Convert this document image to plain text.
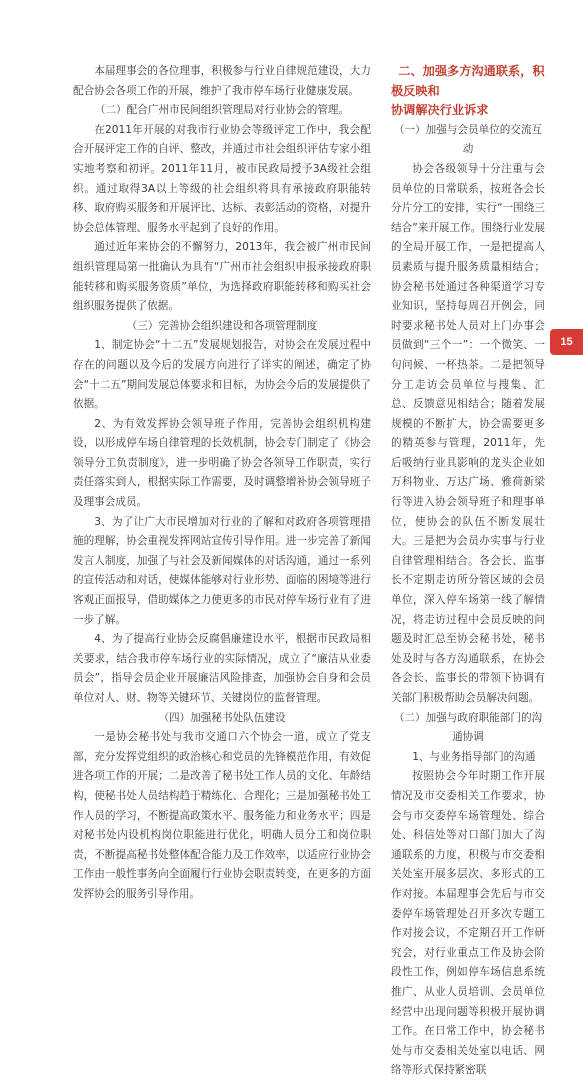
本届理事会的各位理事，积极参与行业自律规范建设，大力配合协会各项工作的开展，维护了我市停车场行业健康发展。

（二）配合广州市民间组织管理局对行业协会的管理。

在2011年开展的对我市行业协会等级评定工作中，我会配合开展评定工作的自评、整改，并通过市社会组织评估专家小组实地考察和初评。2011年11月，被市民政局授予3A级社会组织。通过取得3A以上等级的社会组织将具有承接政府职能转移、取府购买服务和开展评比、达标、表彰活动的资格，对提升协会总体管理、服务水平起到了良好的作用。

通过近年来协会的不懈努力，2013年，我会被广州市民间组织管理局第一批确认为具有“广州市社会组织申报承接政府职能转移和购买服务资质”单位，为选择政府职能转移和购买社会组织服务提供了依据。

（三）完善协会组织建设和各项管理制度

1、制定协会“十二五”发展规划报告，对协会在发展过程中存在的问题以及今后的发展方向进行了详实的阐述，确定了协会“十二五”期间发展总体要求和目标，为协会今后的发展提供了依据。

2、为有效发挥协会领导班子作用，完善协会组织机构建设，以形成停车场自律管理的长效机制，协会专门制定了《协会领导分工负责制度》，进一步明确了协会各领导工作职责，实行责任落实到人，根据实际工作需要，及时调整增补协会领导班子及理事会成员。

3、为了让广大市民增加对行业的了解和对政府各项管理措施的理解，协会重视发挥网站宣传引导作用。进一步完善了新闻发言人制度，加强了与社会及新闻媒体的对话沟通，通过一系列的宣传活动和对话，使媒体能够对行业形势、面临的困境等进行客观正面报导，借助媒体之力使更多的市民对停车场行业有了进一步了解。

4、为了提高行业协会反腐倡廉建设水平，根据市民政局相关要求，结合我市停车场行业的实际情况，成立了“廉洁从业委员会”，指导会员企业开展廉洁风险排查，加强协会自身和会员单位对人、财、物等关键环节、关键岗位的监督管理。

（四）加强秘书处队伍建设

一是协会秘书处与我市交通口六个协会一道，成立了党支部，充分发挥党组织的政治核心和党员的先锋模范作用，有效促进各项工作的开展；二是改善了秘书处工作人员的文化、年龄结构，使秘书处人员结构趋于精练化、合理化；三是加强秘书处工作人员的学习，不断提高政策水平、服务能力和业务水平；四是对秘书处内设机构岗位职能进行优化，明确人员分工和岗位职责，不断提高秘书处整体配合能力及工作效率，以适应行业协会工作由一般性事务向全面履行行业协会职责转变，在更多的方面发挥协会的服务引导作用。

二、加强多方沟通联系，积极反映和
协调解决行业诉求
（一）加强与会员单位的交流互动

协会各级领导十分注重与会员单位的日常联系，按班各会长分片分工的安排，实行“一围绕三结合”来开展工作。围绕行业发展的全局开展工作，一是把提高人员素质与提升服务质量相结合；协会秘书处通过各种渠道学习专业知识，坚持每周召开例会，同时要求秘书处人员对上门办事会员做到“三个一”：一个微笑、一句问候、一杯热茶。二是把领导分工走访会员单位与搜集、汇总、反馈意见相结合；随着发展规模的不断扩大，协会需要更多的精英参与管理，2011年，先后吸纳行业具影响的龙头企业如万科物业、万达广场、雅荷新梁行等进入协会领导班子和理事单位，使协会的队伍不断发展壮大。三是把为会员办实事与行业自律管理相结合。各会长、监事长不定期走访所分管区域的会员单位，深入停车场第一线了解情况，将走访过程中会员反映的问题及时汇总至协会秘书处，秘书处及时与各方沟通联系，在协会各会长、监事长的带领下协调有关部门积极帮助会员解决问题。

（二）加强与政府职能部门的沟通协调
1、与业务指导部门的沟通

按照协会今年时期工作开展情况及市交委相关工作要求，协会与市交委停车场管理处、综合处、科信处等对口部门加大了沟通联系的力度，积极与市交委相关处室开展多层次、多形式的工作对接。本届理事会先后与市交委停车场管理处召开多次专题工作对接会议，不定期召开工作研究会，对行业重点工作及协会阶段性工作，例如停车场信息系统推广、从业人员培训、会员单位经营中出现问题等积极开展协调工作。在日常工作中，协会秘书处与市交委相关处室以电话、网络等形式保持紧密联

15
